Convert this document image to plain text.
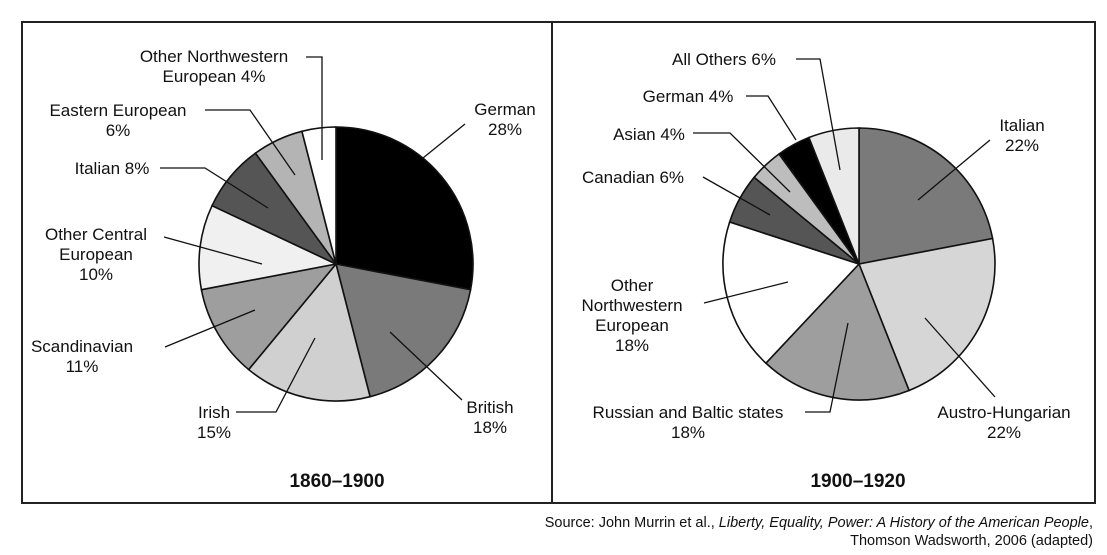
German 28%
British 18%
Irish 15%
Scandinavian 11%
Other Central European 10%
Italian 8%
Eastern European 6%
Other Northwestern European 4%
Italian 22%
Austro-Hungarian 22%
Russian and Baltic states 18%
Other Northwestern European 18%
Canadian 6%
Asian 4%
German 4%
All Others 6%
1860–1900	1900–1920
Source: John Murrin et al., Liberty, Equality, Power: A History of the American People,
Thomson Wadsworth, 2006 (adapted)
